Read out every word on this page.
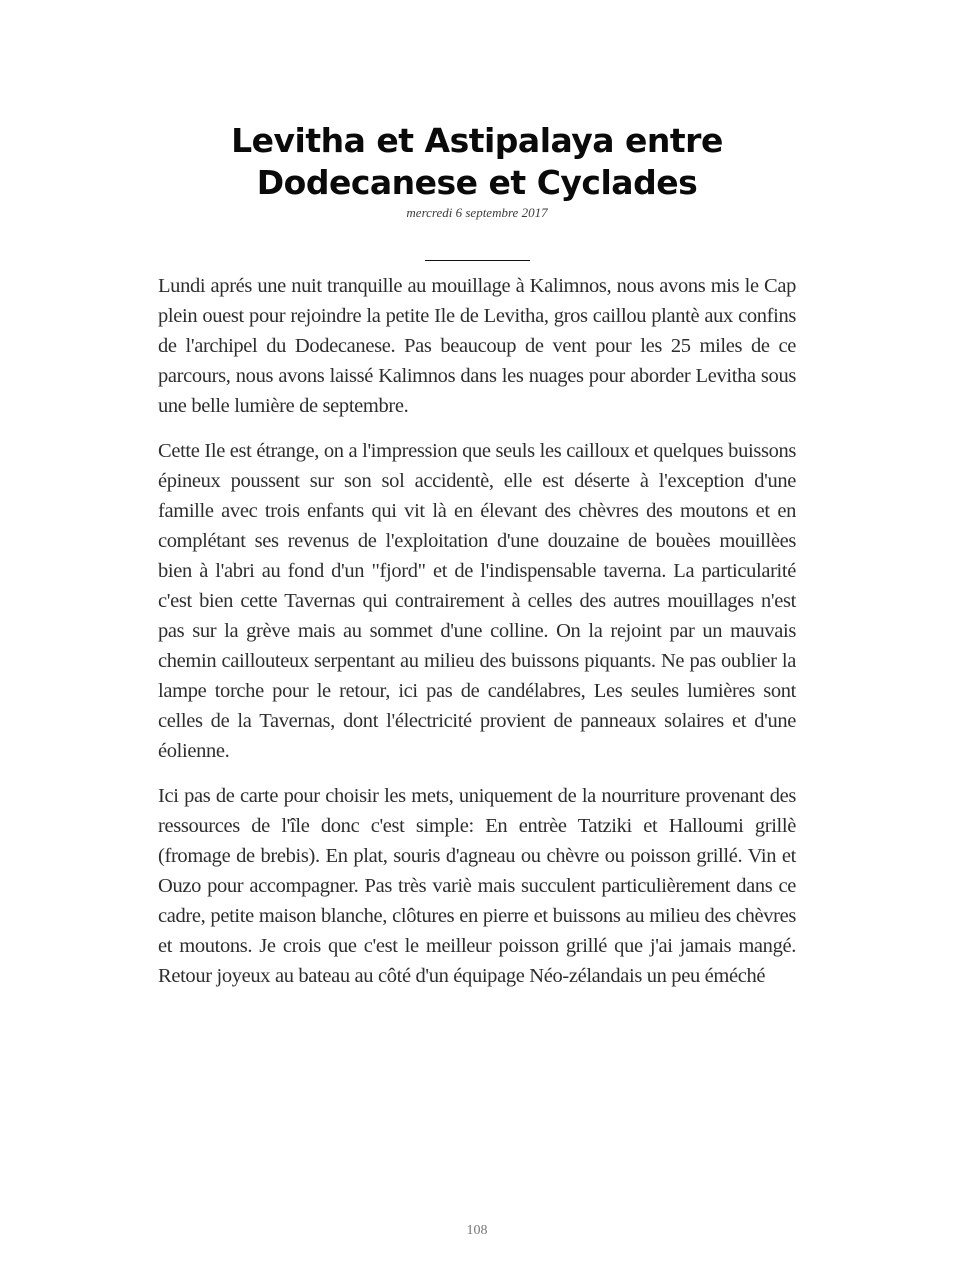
Levitha et Astipalaya entre
Dodecanese et Cyclades
mercredi 6 septembre 2017

Lundi aprés une nuit tranquille au mouillage à Kalimnos, nous avons mis le Cap plein ouest pour rejoindre la petite Ile de Levitha, gros caillou plantè aux confins de l'archipel du Dodecanese. Pas beaucoup de vent pour les 25 miles de ce parcours, nous avons laissé Kalimnos dans les nuages pour aborder Levitha sous une belle lumière de septembre.

Cette Ile est étrange, on a l'impression que seuls les cailloux et quelques buissons épineux poussent sur son sol accidentè, elle est déserte à l'exception d'une famille avec trois enfants qui vit là en élevant des chèvres des moutons et en complétant ses revenus de l'exploitation d'une douzaine de bouèes mouillèes bien à l'abri au fond d'un "fjord" et de l'indispensable taverna. La particularité c'est bien cette Tavernas qui contrairement à celles des autres mouillages n'est pas sur la grève mais au sommet d'une colline. On la rejoint par un mauvais chemin caillouteux serpentant au milieu des buissons piquants. Ne pas oublier la lampe torche pour le retour, ici pas de candélabres, Les seules lumières sont celles de la Tavernas, dont l'électricité provient de panneaux solaires et d'une éolienne.

Ici pas de carte pour choisir les mets, uniquement de la nourriture provenant des ressources de l'île donc c'est simple: En entrèe Tatziki et Halloumi grillè (fromage de brebis). En plat, souris d'agneau ou chèvre ou poisson grillé. Vin et Ouzo pour accompagner. Pas très variè mais succulent particulièrement dans ce cadre, petite maison blanche, clôtures en pierre et buissons au milieu des chèvres et moutons. Je crois que c'est le meilleur poisson grillé que j'ai jamais mangé. Retour joyeux au bateau au côté d'un équipage Néo-zélandais un peu éméché

108
